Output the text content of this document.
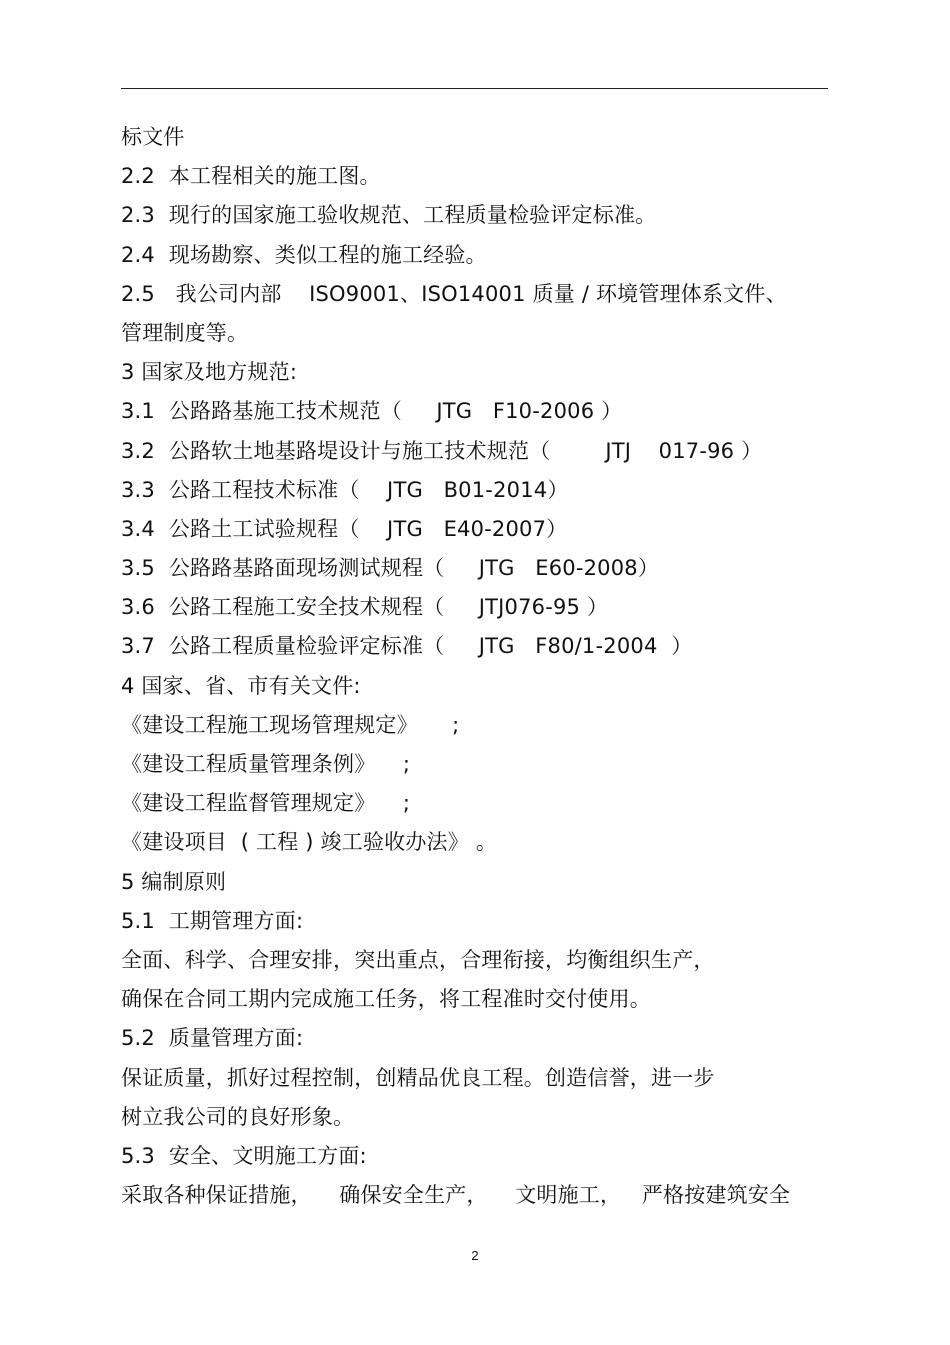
标文件
2.2  本工程相关的施工图。
2.3  现行的国家施工验收规范、工程质量检验评定标准。
2.4  现场勘察、类似工程的施工经验。
2.5   我公司内部    ISO9001、ISO14001 质量 / 环境管理体系文件、
管理制度等。
3 国家及地方规范:
3.1  公路路基施工技术规范（     JTG   F10-2006 ）
3.2  公路软土地基路堤设计与施工技术规范（        JTJ    017-96 ）
3.3  公路工程技术标准（    JTG   B01-2014）
3.4  公路土工试验规程（    JTG   E40-2007）
3.5  公路路基路面现场测试规程（     JTG   E60-2008）
3.6  公路工程施工安全技术规程（     JTJ076-95 ）
3.7  公路工程质量检验评定标准（     JTG   F80/1-2004  ）
4 国家、省、市有关文件:
《建设工程施工现场管理规定》     ;
《建设工程质量管理条例》    ;
《建设工程监督管理规定》    ;
《建设项目  ( 工程 ) 竣工验收办法》 。
5 编制原则
5.1  工期管理方面:
全面、科学、合理安排，突出重点，合理衔接，均衡组织生产，
确保在合同工期内完成施工任务，将工程准时交付使用。
5.2  质量管理方面:
保证质量，抓好过程控制，创精品优良工程。创造信誉，进一步
树立我公司的良好形象。
5.3  安全、文明施工方面:
采取各种保证措施，    确保安全生产，    文明施工，   严格按建筑安全
2
